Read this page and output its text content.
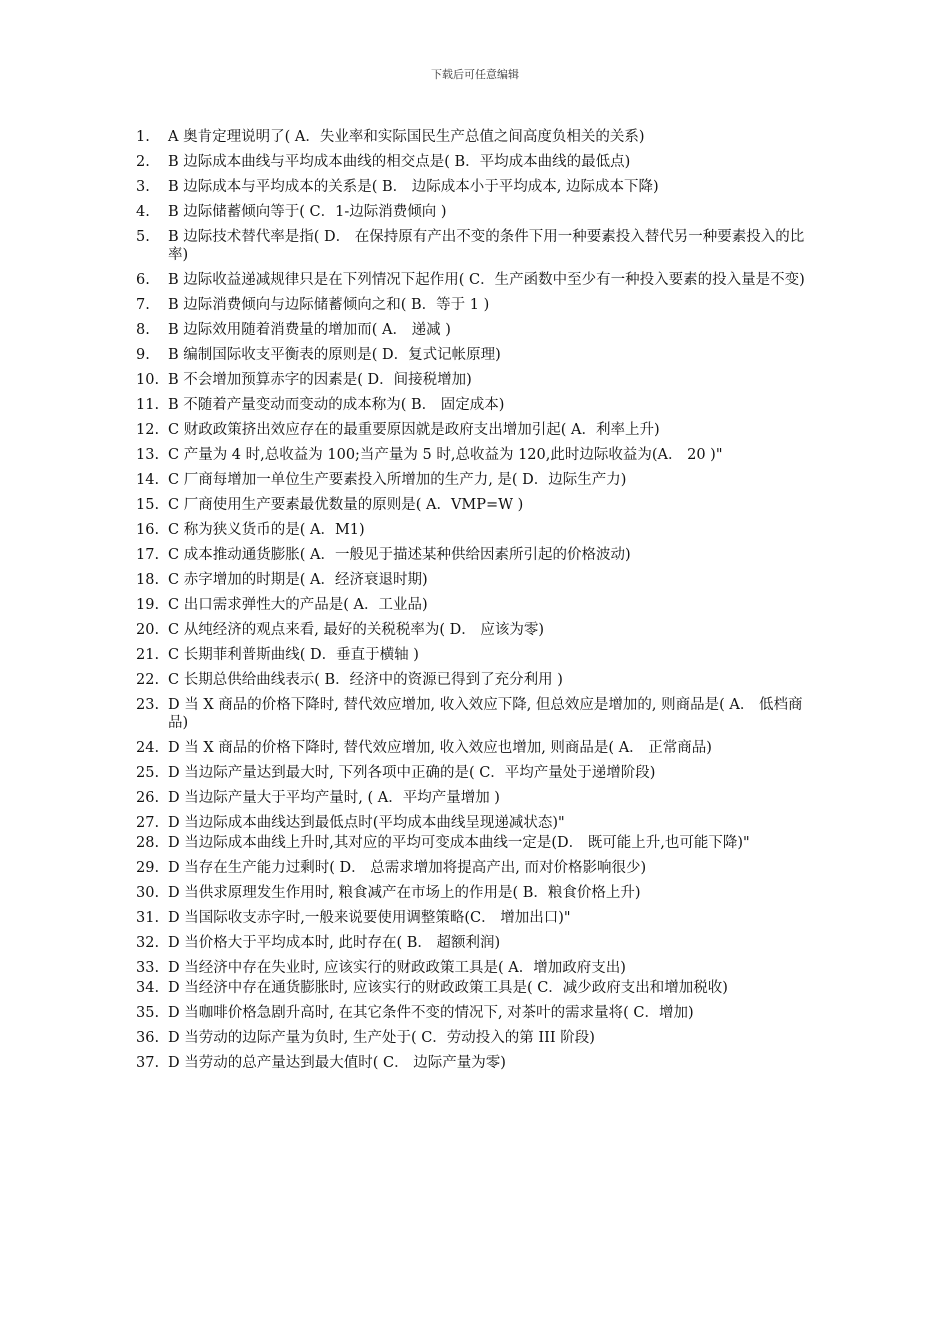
下载后可任意编辑
1.	A 奥肯定理说明了( A．失业率和实际国民生产总值之间高度负相关的关系)
2.	B 边际成本曲线与平均成本曲线的相交点是( B．平均成本曲线的最低点)
3.	B 边际成本与平均成本的关系是( B． 边际成本小于平均成本, 边际成本下降)
4.	B 边际储蓄倾向等于( C．1-边际消费倾向 )
5.	B 边际技术替代率是指( D． 在保持原有产出不变的条件下用一种要素投入替代另一种要素投入的比率)
6.	B 边际收益递减规律只是在下列情况下起作用( C．生产函数中至少有一种投入要素的投入量是不变)
7.	B 边际消费倾向与边际储蓄倾向之和( B．等于 1 )
8.	B 边际效用随着消费量的增加而( A． 递减 )
9.	B 编制国际收支平衡表的原则是( D．复式记帐原理)
10. B 不会增加预算赤字的因素是( D．间接税增加)
11. B 不随着产量变动而变动的成本称为( B． 固定成本)
12. C 财政政策挤出效应存在的最重要原因就是政府支出增加引起( A．利率上升)
13. C 产量为 4 时,总收益为 100;当产量为 5 时,总收益为 120,此时边际收益为(A． 20 )"
14. C 厂商每增加一单位生产要素投入所增加的生产力, 是( D．边际生产力)
15. C 厂商使用生产要素最优数量的原则是( A．VMP=W )
16. C 称为狭义货币的是( A．M1)
17. C 成本推动通货膨胀( A．一般见于描述某种供给因素所引起的价格波动)
18. C 赤字增加的时期是( A．经济衰退时期)
19. C 出口需求弹性大的产品是( A．工业品)
20. C 从纯经济的观点来看, 最好的关税税率为( D． 应该为零)
21. C 长期菲利普斯曲线( D．垂直于横轴 )
22. C 长期总供给曲线表示( B．经济中的资源已得到了充分利用 )
23. D 当 X 商品的价格下降时, 替代效应增加, 收入效应下降, 但总效应是增加的, 则商品是( A． 低档商品)
24. D 当 X 商品的价格下降时, 替代效应增加, 收入效应也增加, 则商品是( A． 正常商品)
25. D 当边际产量达到最大时, 下列各项中正确的是( C．平均产量处于递增阶段)
26. D 当边际产量大于平均产量时, ( A．平均产量增加 )
27. D 当边际成本曲线达到最低点时(平均成本曲线呈现递减状态)"
28. D 当边际成本曲线上升时,其对应的平均可变成本曲线一定是(D． 既可能上升,也可能下降)"
29. D 当存在生产能力过剩时( D． 总需求增加将提高产出, 而对价格影响很少)
30. D 当供求原理发生作用时, 粮食减产在市场上的作用是( B．粮食价格上升)
31. D 当国际收支赤字时,一般来说要使用调整策略(C． 增加出口)"
32. D 当价格大于平均成本时, 此时存在( B． 超额利润)
33. D 当经济中存在失业时, 应该实行的财政政策工具是( A．增加政府支出)
34. D 当经济中存在通货膨胀时, 应该实行的财政政策工具是( C．减少政府支出和增加税收)
35. D 当咖啡价格急剧升高时, 在其它条件不变的情况下, 对茶叶的需求量将( C．增加)
36. D 当劳动的边际产量为负时, 生产处于( C．劳动投入的第 III 阶段)
37. D 当劳动的总产量达到最大值时( C． 边际产量为零)
